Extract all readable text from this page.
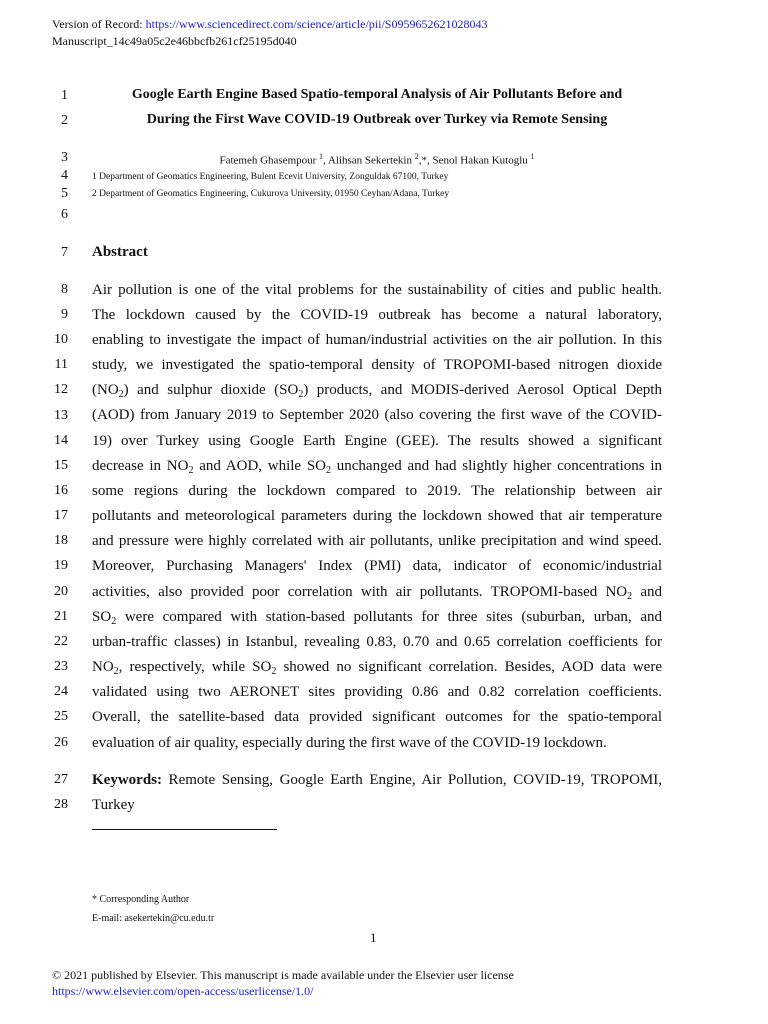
Version of Record: https://www.sciencedirect.com/science/article/pii/S0959652621028043
Manuscript_14c49a05c2e46bbcfb261cf25195d040
1
2
3
4
5
6
7
8
9
10
11
12
13
14
15
16
17
18
19
20
21
22
23
24
25
26
27
28
Google Earth Engine Based Spatio-temporal Analysis of Air Pollutants Before and
During the First Wave COVID-19 Outbreak over Turkey via Remote Sensing
Fatemeh Ghasempour $^1$, Alihsan Sekertekin $^2$,*, Senol Hakan Kutoglu $^1$
1 Department of Geomatics Engineering, Bulent Ecevit University, Zonguldak 67100, Turkey
2 Department of Geomatics Engineering, Cukurova University, 01950 Ceyhan/Adana, Turkey
Abstract
Air pollution is one of the vital problems for the sustainability of cities and public health.
The lockdown caused by the COVID-19 outbreak has become a natural laboratory,
enabling to investigate the impact of human/industrial activities on the air pollution. In this
study, we investigated the spatio-temporal density of TROPOMI-based nitrogen dioxide
$(NO_2)$ and sulphur dioxide $(SO_2)$ products, and MODIS-derived Aerosol Optical Depth
(AOD) from January 2019 to September 2020 (also covering the first wave of the COVID-
19) over Turkey using Google Earth Engine (GEE). The results showed a significant
decrease in $NO_2$ and AOD, while $SO_2$ unchanged and had slightly higher concentrations in
some regions during the lockdown compared to 2019. The relationship between air
pollutants and meteorological parameters during the lockdown showed that air temperature
and pressure were highly correlated with air pollutants, unlike precipitation and wind speed.
Moreover, Purchasing Managers' Index (PMI) data, indicator of economic/industrial
activities, also provided poor correlation with air pollutants. TROPOMI-based $NO_2$ and
$SO_2$ were compared with station-based pollutants for three sites (suburban, urban, and
urban-traffic classes) in Istanbul, revealing 0.83, 0.70 and 0.65 correlation coefficients for
$NO_2$, respectively, while $SO_2$ showed no significant correlation. Besides, AOD data were
validated using two AERONET sites providing 0.86 and 0.82 correlation coefficients.
Overall, the satellite-based data provided significant outcomes for the spatio-temporal
evaluation of air quality, especially during the first wave of the COVID-19 lockdown.
Keywords: Remote Sensing, Google Earth Engine, Air Pollution, COVID-19, TROPOMI,
Turkey
* Corresponding Author
E-mail: asekertekin@cu.edu.tr
1
© 2021 published by Elsevier. This manuscript is made available under the Elsevier user license
https://www.elsevier.com/open-access/userlicense/1.0/
